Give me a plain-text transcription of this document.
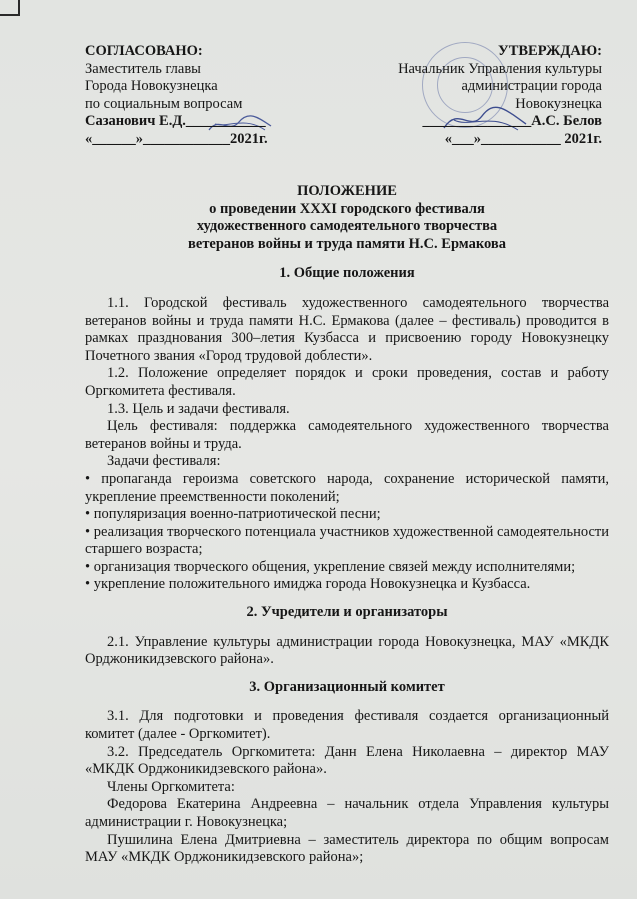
СОГЛАСОВАНО:
Заместитель главы
Города Новокузнецка
по социальным вопросам
Сазанович Е.Д.___________
«______»____________2021г.
УТВЕРЖДАЮ:
Начальник Управления культуры
администрации города
Новокузнецка
_______________А.С. Белов
«___»___________ 2021г.
ПОЛОЖЕНИЕ
о проведении XXXI городского фестиваля
художественного самодеятельного творчества
ветеранов войны и труда памяти Н.С. Ермакова
1. Общие положения

1.1. Городской фестиваль художественного самодеятельного творчества ветеранов войны и труда памяти Н.С. Ермакова (далее – фестиваль) проводится в рамках празднования 300–летия Кузбасса и присвоению городу Новокузнецку Почетного звания «Город трудовой доблести».

1.2. Положение определяет порядок и сроки проведения, состав и работу Оргкомитета фестиваля.

1.3. Цель и задачи фестиваля.

Цель фестиваля: поддержка самодеятельного художественного творчества ветеранов войны и труда.

Задачи фестиваля:

• пропаганда героизма советского народа, сохранение исторической памяти, укрепление преемственности поколений;

• популяризация военно-патриотической песни;

• реализация творческого потенциала участников художественной самодеятельности старшего возраста;

• организация творческого общения, укрепление связей между исполнителями;

• укрепление положительного имиджа города Новокузнецка и Кузбасса.

2. Учредители и организаторы

2.1. Управление культуры администрации города Новокузнецка, МАУ «МКДК Орджоникидзевского района».

3. Организационный комитет

3.1. Для подготовки и проведения фестиваля создается организационный комитет (далее - Оргкомитет).

3.2. Председатель Оргкомитета: Данн Елена Николаевна – директор МАУ «МКДК Орджоникидзевского района».

Члены Оргкомитета:

Федорова Екатерина Андреевна – начальник отдела Управления культуры администрации г. Новокузнецка;

Пушилина Елена Дмитриевна – заместитель директора по общим вопросам МАУ «МКДК Орджоникидзевского района»;
